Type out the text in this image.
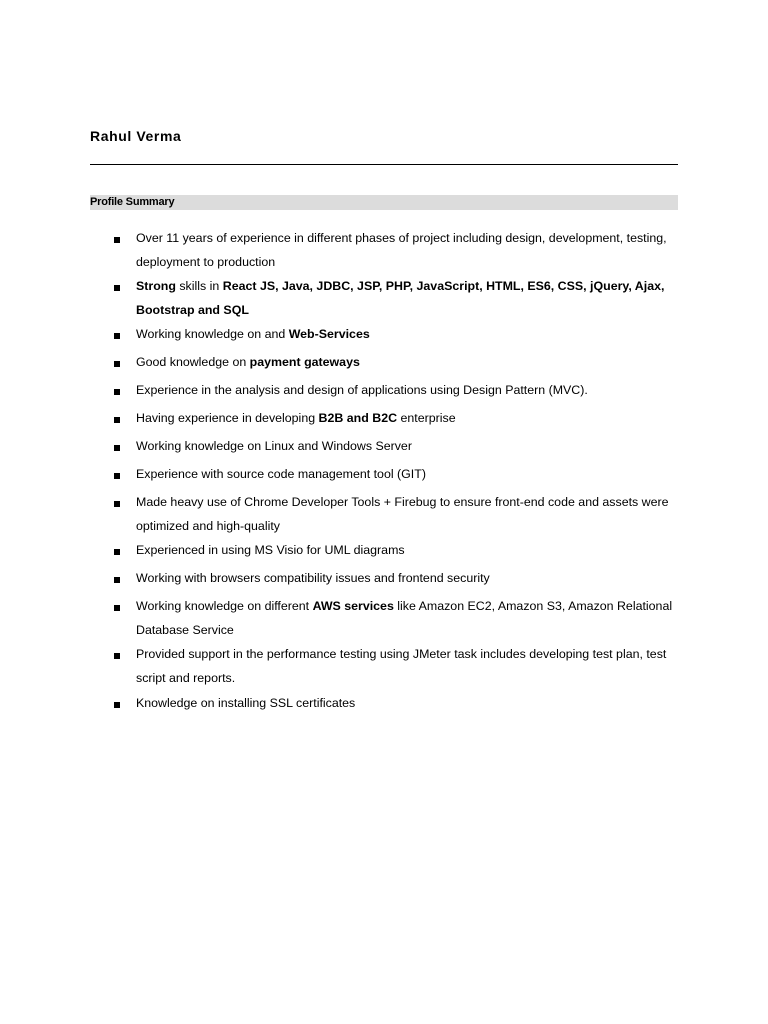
Rahul Verma
Profile Summary
Over 11 years of experience in different phases of project including design, development, testing, deployment to production
Strong skills in React JS, Java, JDBC, JSP, PHP, JavaScript, HTML, ES6, CSS, jQuery, Ajax, Bootstrap and SQL
Working knowledge on and Web-Services
Good knowledge on payment gateways
Experience in the analysis and design of applications using Design Pattern (MVC).
Having experience in developing B2B and B2C enterprise
Working knowledge on Linux and Windows Server
Experience with source code management tool (GIT)
Made heavy use of Chrome Developer Tools + Firebug to ensure front-end code and assets were optimized and high-quality
Experienced in using MS Visio for UML diagrams
Working with browsers compatibility issues and frontend security
Working knowledge on different AWS services like Amazon EC2, Amazon S3, Amazon Relational Database Service
Provided support in the performance testing using JMeter task includes developing test plan, test script and reports.
Knowledge on installing SSL certificates
